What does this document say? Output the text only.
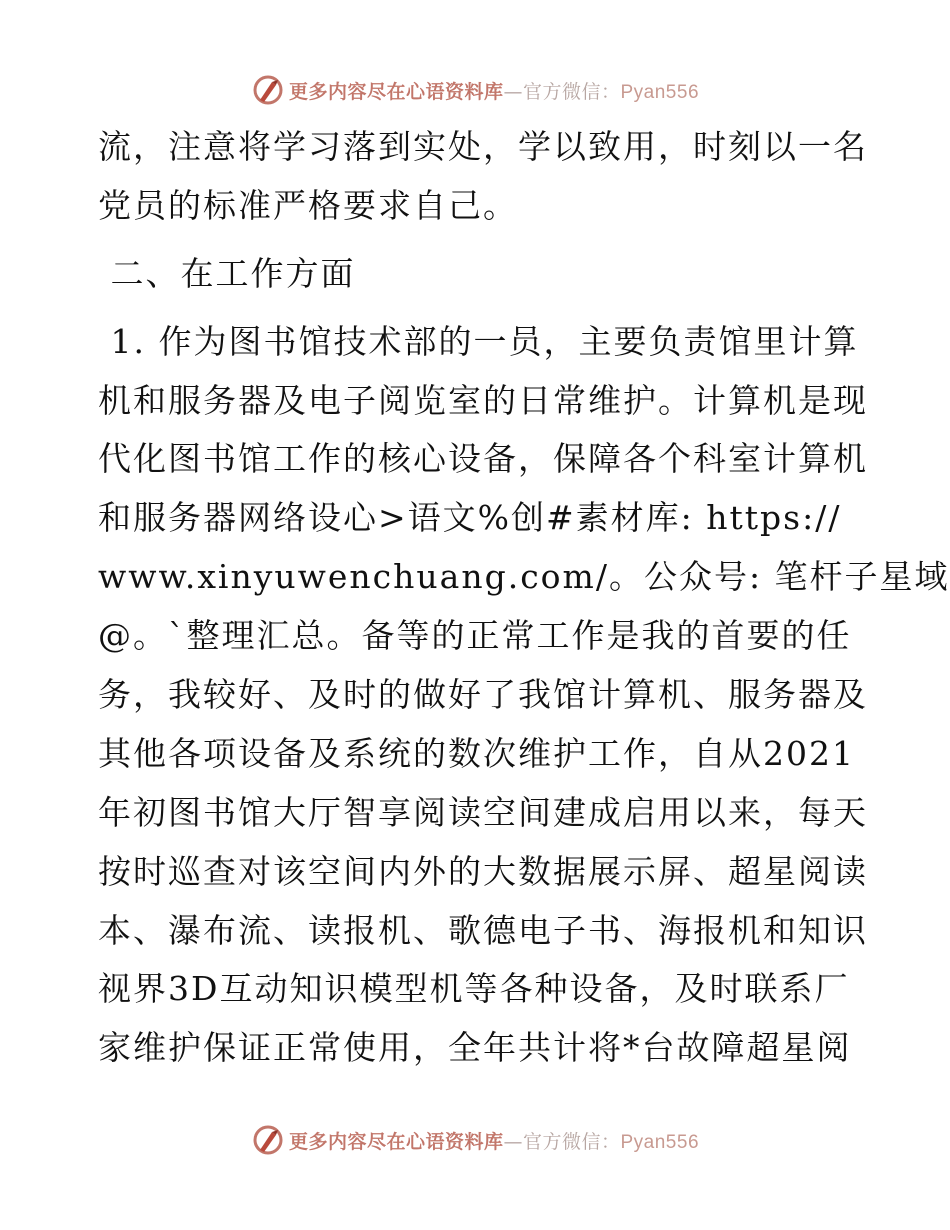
更多内容尽在心语资料库—官方微信：Pyan556
流，注意将学习落到实处，学以致用，时刻以一名
党员的标准严格要求自己。
二、在工作方面
1. 作为图书馆技术部的一员，主要负责馆里计算
机和服务器及电子阅览室的日常维护。计算机是现
代化图书馆工作的核心设备，保障各个科室计算机
和服务器网络设心>语文%创#素材库: https://
www.xinyuwenchuang.com/。公众号: 笔杆子星域
@。`整理汇总。备等的正常工作是我的首要的任
务，我较好、及时的做好了我馆计算机、服务器及
其他各项设备及系统的数次维护工作，自从2021
年初图书馆大厅智享阅读空间建成启用以来，每天
按时巡查对该空间内外的大数据展示屏、超星阅读
本、瀑布流、读报机、歌德电子书、海报机和知识
视界3D互动知识模型机等各种设备，及时联系厂
家维护保证正常使用，全年共计将*台故障超星阅
更多内容尽在心语资料库—官方微信：Pyan556
